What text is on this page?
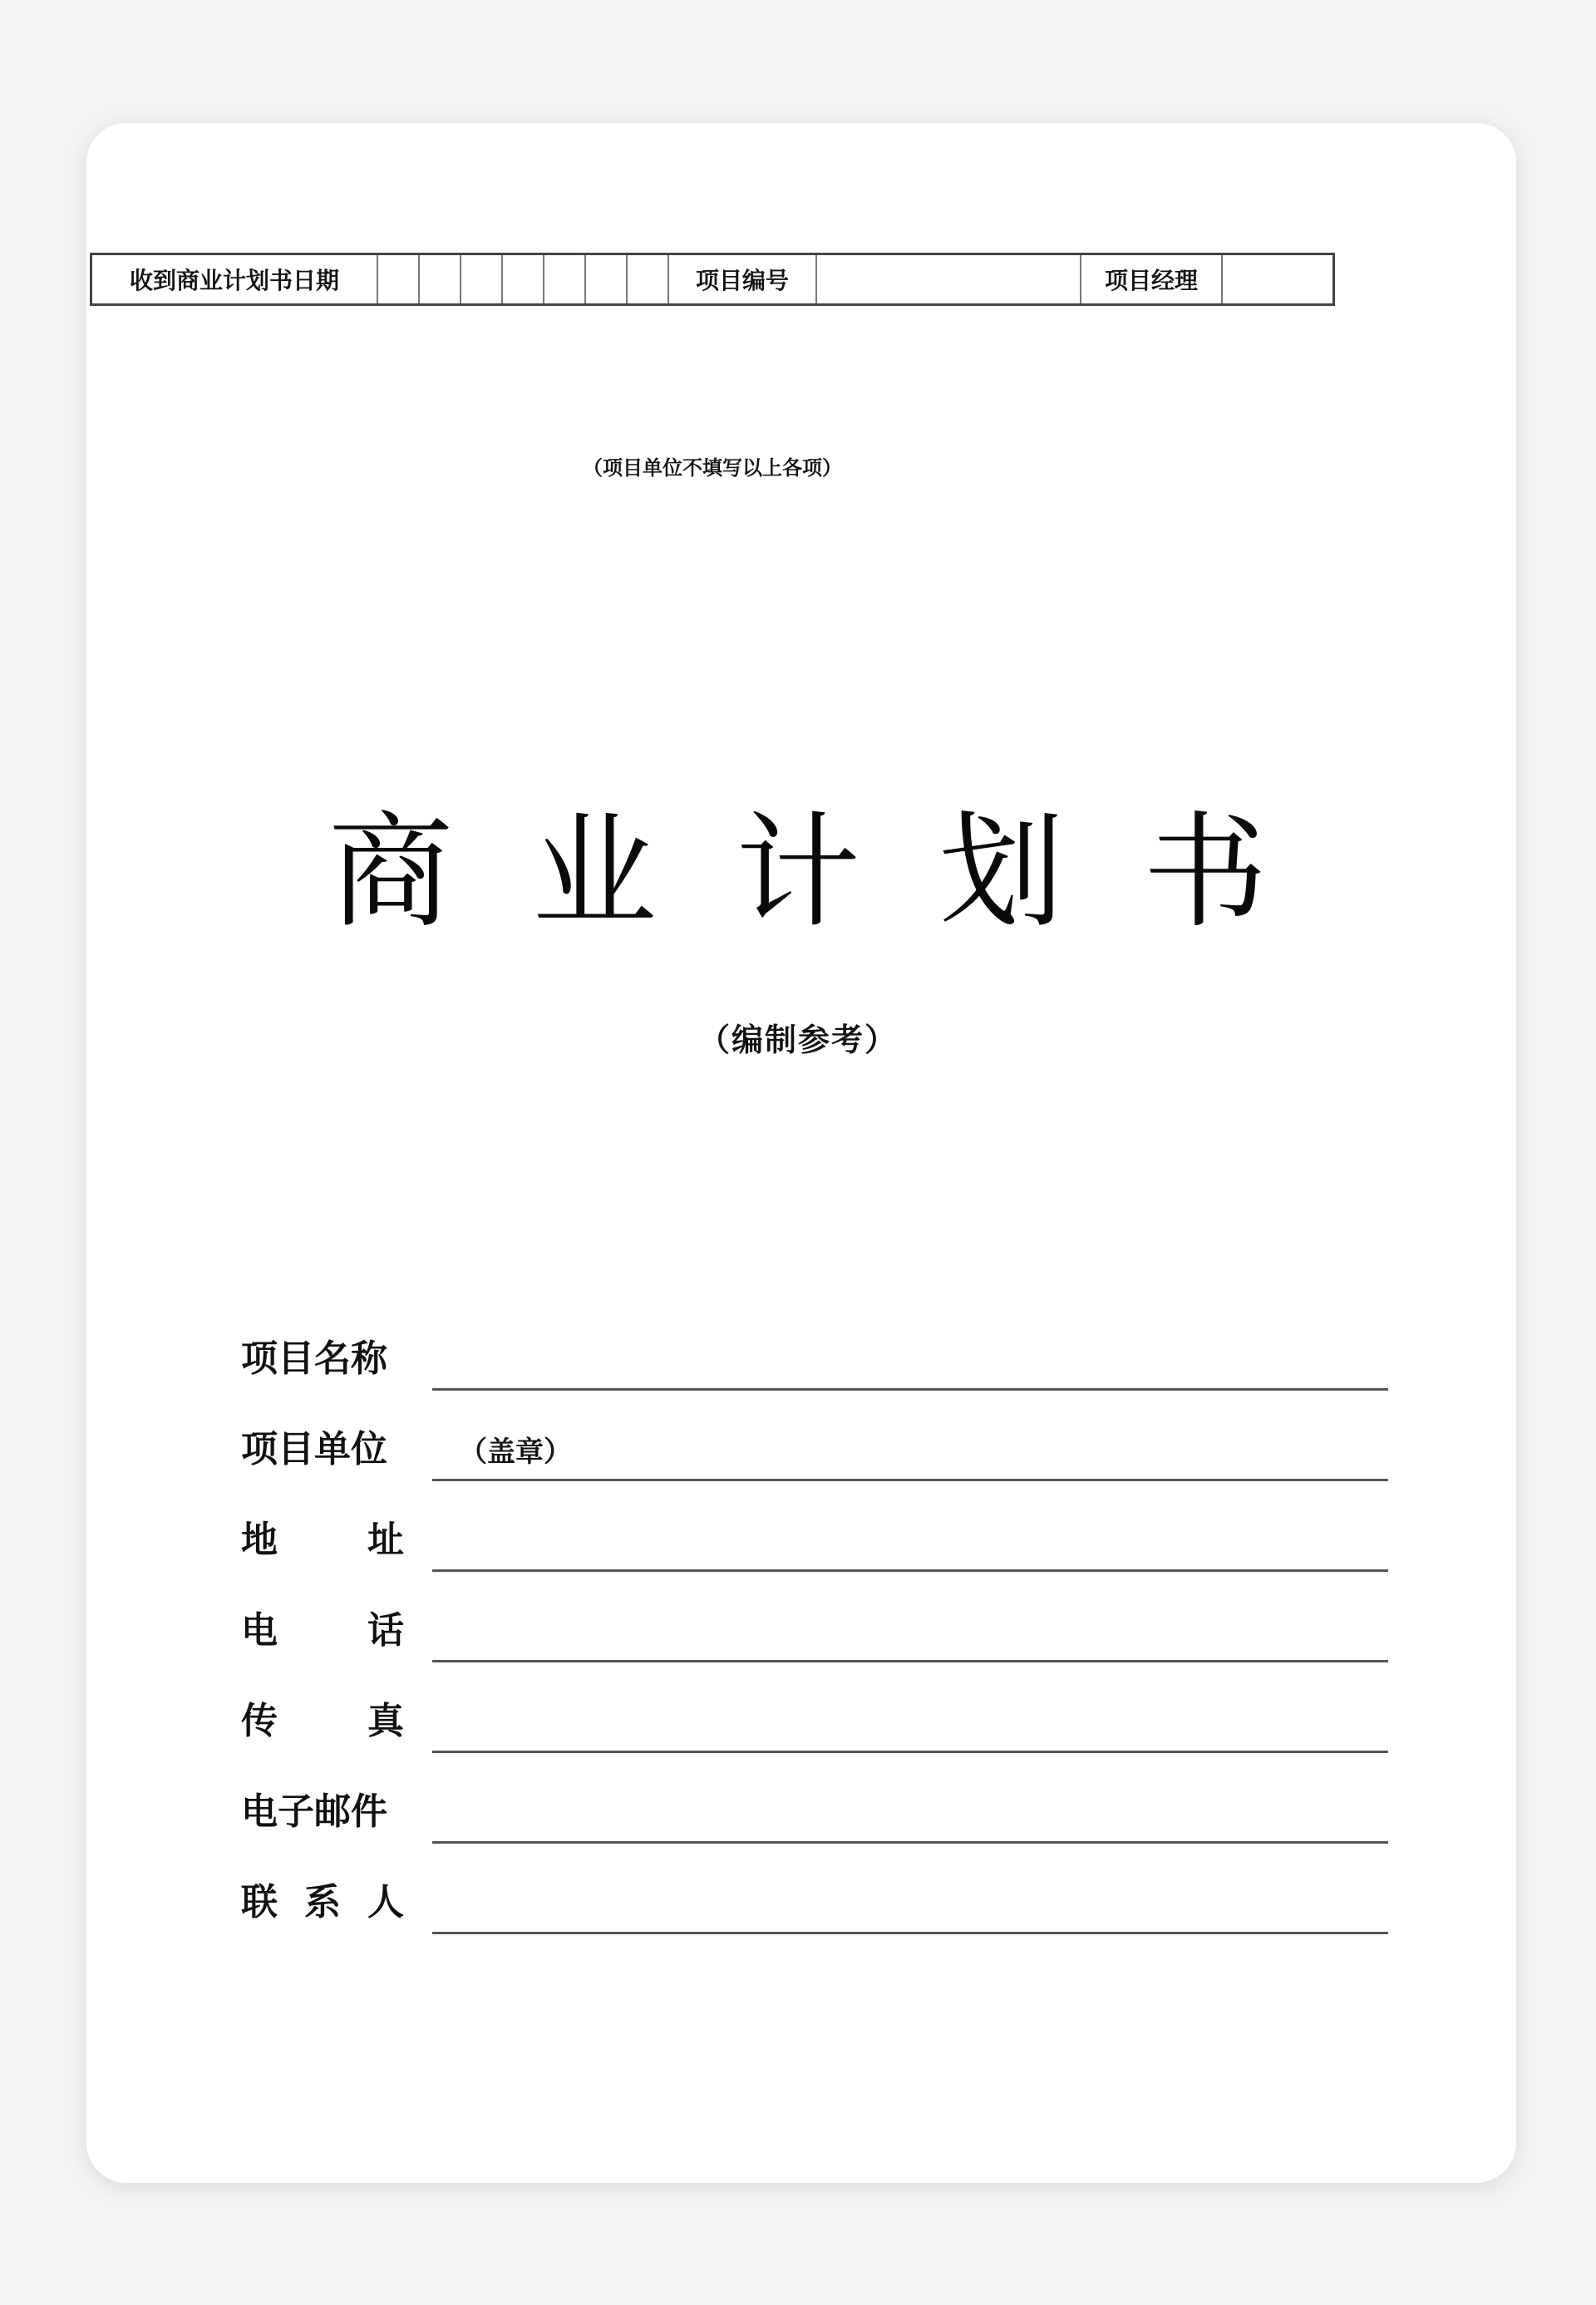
收到商业计划书日期	项目编号	项目经理
（项目单位不填写以上各项）
商业计划书
（编制参考）
项目名称
项目单位	（盖章）
地 址
电 话
传 真
电子邮件
联 系 人
